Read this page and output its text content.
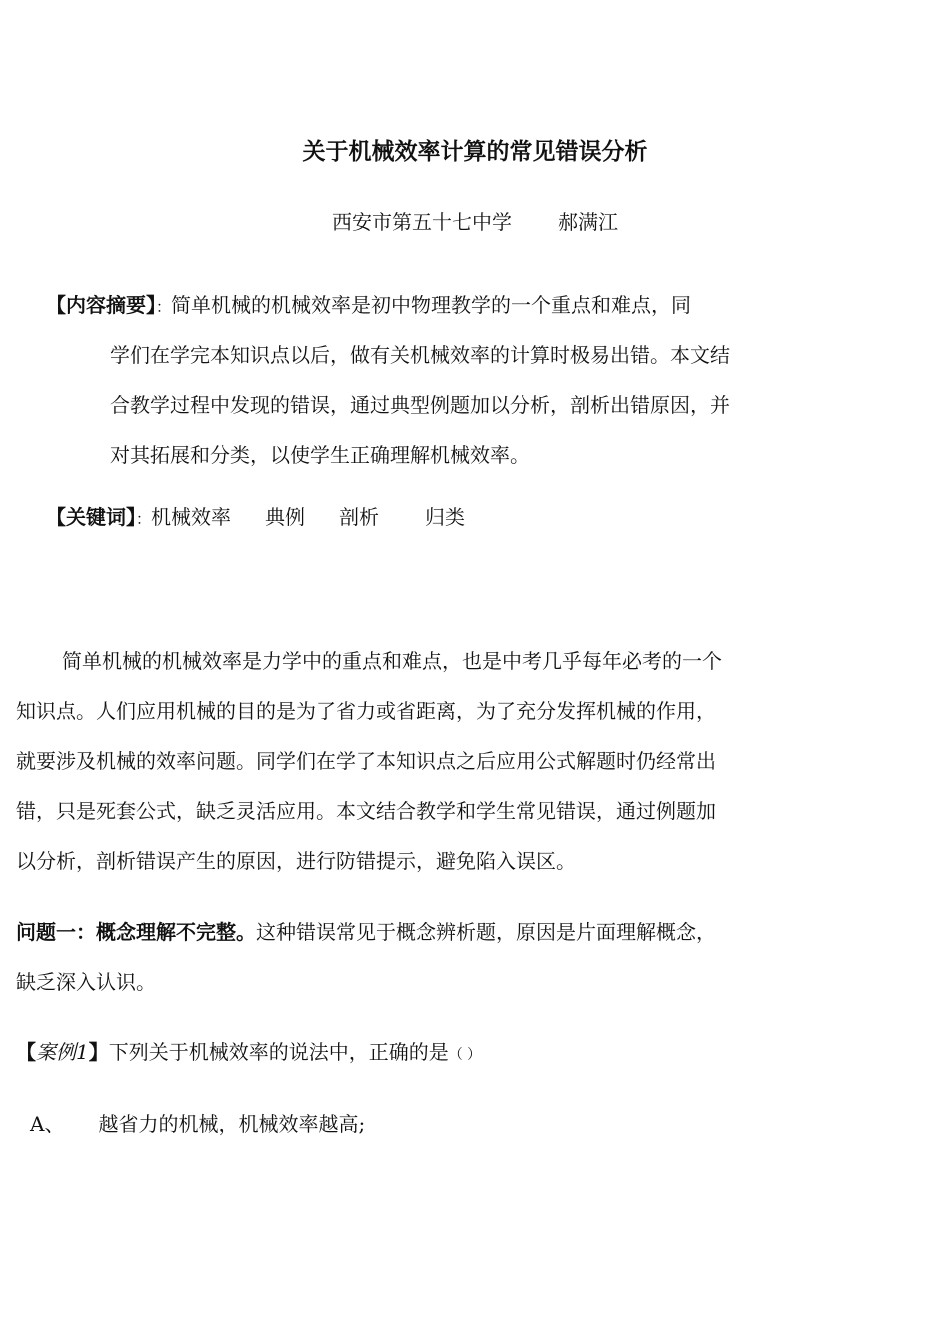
关于机械效率计算的常见错误分析
西安市第五十七中学 郝满江
【内容摘要】：简单机械的机械效率是初中物理教学的一个重点和难点，同
学们在学完本知识点以后，做有关机械效率的计算时极易出错。本文结
合教学过程中发现的错误，通过典型例题加以分析，剖析出错原因，并
对其拓展和分类，以使学生正确理解机械效率。
【关键词】：机械效率 典例 剖析 归类
简单机械的机械效率是力学中的重点和难点，也是中考几乎每年必考的一个
知识点。人们应用机械的目的是为了省力或省距离，为了充分发挥机械的作用，
就要涉及机械的效率问题。同学们在学了本知识点之后应用公式解题时仍经常出
错，只是死套公式，缺乏灵活应用。本文结合教学和学生常见错误，通过例题加
以分析，剖析错误产生的原因，进行防错提示，避免陷入误区。
问题一：概念理解不完整。这种错误常见于概念辨析题，原因是片面理解概念，
缺乏深入认识。
【案例1】下列关于机械效率的说法中，正确的是（ ）
A、 越省力的机械，机械效率越高;
